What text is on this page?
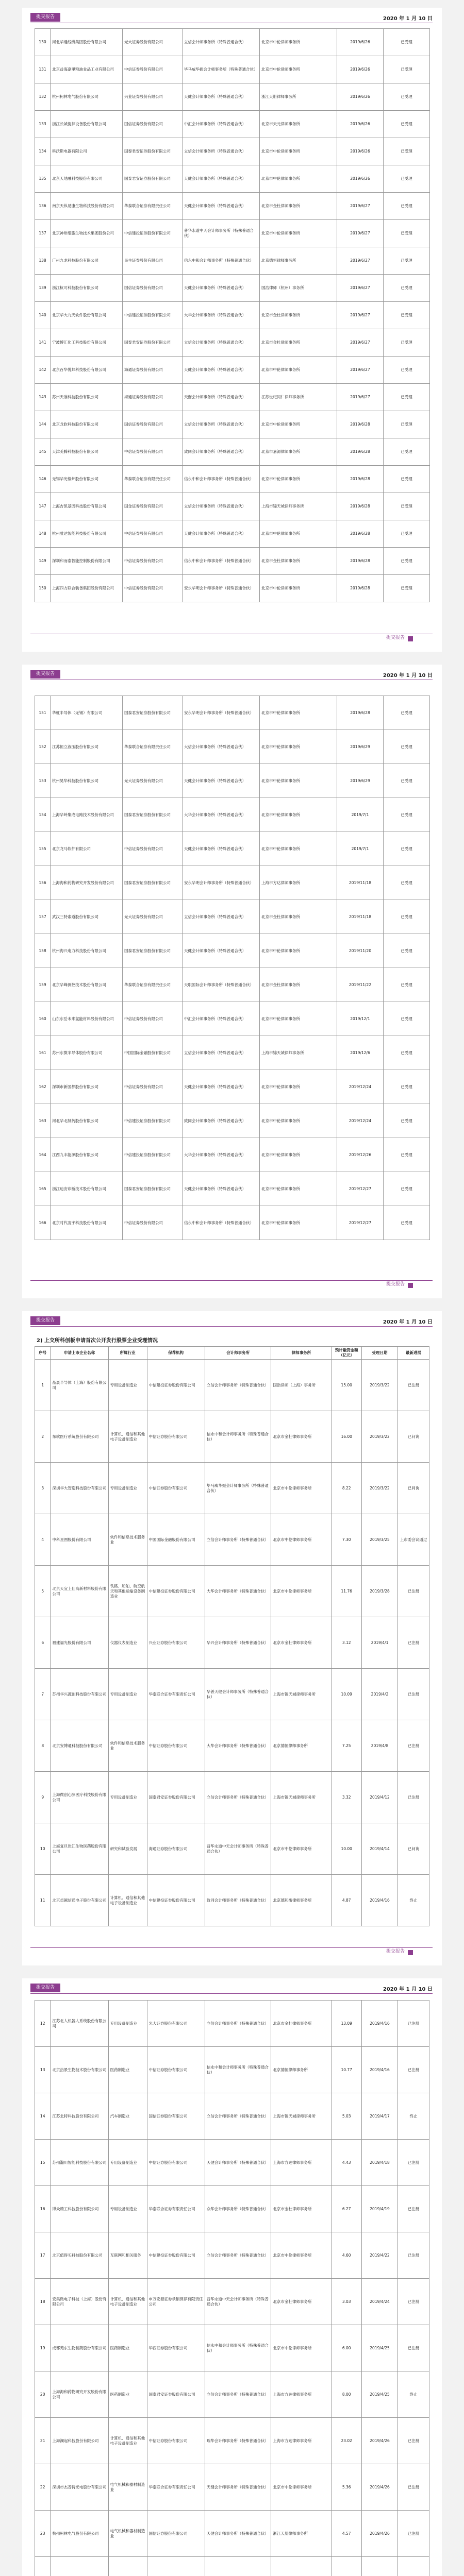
提交报告	2020 年 1 月 10 日
130	河北华通线缆集团股份有限公司	光大证券股份有限公司	立信会计师事务所（特殊普通合伙）	北京市中伦律师事务所	2019/6/26	已受理
131	北京益海嘉里粮油食品工业有限公司	中信证券股份有限公司	毕马威华振会计师事务所（特殊普通合伙）	北京市中伦律师事务所	2019/6/26	已受理
132	杭州柯林电气股份有限公司	兴业证券股份有限公司	天健会计师事务所（特殊普通合伙）	浙江天册律师事务所	2019/6/26	已受理
133	浙江长城搅拌设备股份有限公司	国信证券股份有限公司	中汇会计师事务所（特殊普通合伙）	北京市天元律师事务所	2019/6/26	已受理
134	科沃斯电器有限公司	国泰君安证券股份有限公司	立信会计师事务所（特殊普通合伙）	北京市中伦律师事务所	2019/6/26	已受理
135	北京天地融科技股份有限公司	国泰君安证券股份有限公司	天健会计师事务所（特殊普通合伙）	北京市中伦律师事务所	2019/6/26	已受理
136	南京天纵易康生物科技股份有限公司	华泰联合证券有限责任公司	天健会计师事务所（特殊普通合伙）	北京市金杜律师事务所	2019/6/27	已受理
137	北京神州细胞生物技术集团股份公司	中信建投证券股份有限公司	普华永道中天会计师事务所（特殊普通合伙）	北京市中伦律师事务所	2019/6/27	已受理
138	广州九龙科技股份有限公司	民生证券股份有限公司	信永中和会计师事务所（特殊普通合伙）	北京德恒律师事务所	2019/6/27	已受理
139	浙江杭可科技股份有限公司	国信证券股份有限公司	天健会计师事务所（特殊普通合伙）	国浩律师（杭州）事务所	2019/6/27	已受理
140	北京华大九天软件股份有限公司	中信建投证券股份有限公司	大华会计师事务所（特殊普通合伙）	北京市金杜律师事务所	2019/6/27	已受理
141	宁波博汇化工科技股份有限公司	国泰君安证券股份有限公司	立信会计师事务所（特殊普通合伙）	北京市金杜律师事务所	2019/6/27	已受理
142	北京百华悦邦科技股份有限公司	海通证券股份有限公司	天健会计师事务所（特殊普通合伙）	北京市中伦律师事务所	2019/6/27	已受理
143	苏州天准科技股份有限公司	海通证券股份有限公司	天衡会计师事务所（特殊普通合伙）	江苏世纪同仁律师事务所	2019/6/27	已受理
144	北京龙软科技股份有限公司	国信证券股份有限公司	立信会计师事务所（特殊普通合伙）	北京市中伦律师事务所	2019/6/28	已受理
145	天津美腾科技股份有限公司	中信证券股份有限公司	致同会计师事务所（特殊普通合伙）	北京市嘉源律师事务所	2019/6/28	已受理
146	无锡华光锅炉股份有限公司	华泰联合证券有限责任公司	信永中和会计师事务所（特殊普通合伙）	北京市中伦律师事务所	2019/6/28	已受理
147	上海吉凯基因科技股份有限公司	国金证券股份有限公司	立信会计师事务所（特殊普通合伙）	上海市锦天城律师事务所	2019/6/28	已受理
148	杭州雅达智能科技股份有限公司	中信证券股份有限公司	天健会计师事务所（特殊普通合伙）	北京市中伦律师事务所	2019/6/28	已受理
149	深圳和而泰智能控制股份有限公司	中信证券股份有限公司	信永中和会计师事务所（特殊普通合伙）	北京市金杜律师事务所	2019/6/28	已受理
150	上海四方联合装备集团股份有限公司	中信证券股份有限公司	安永华明会计师事务所（特殊普通合伙）	北京市中伦律师事务所	2019/6/28	已受理
提交报告
提交报告	2020 年 1 月 10 日
151	华虹半导体（无锡）有限公司	国泰君安证券股份有限公司	安永华明会计师事务所（特殊普通合伙）	北京市中伦律师事务所	2019/6/28	已受理
152	江苏恒立液压股份有限公司	华泰联合证券有限责任公司	大信会计师事务所（特殊普通合伙）	北京市中伦律师事务所	2019/6/29	已受理
153	杭州昊华科技股份有限公司	光大证券股份有限公司	天健会计师事务所（特殊普通合伙）	北京市中伦律师事务所	2019/6/29	已受理
154	上海华岭集成电路技术股份有限公司	国泰君安证券股份有限公司	大华会计师事务所（特殊普通合伙）	北京市中伦律师事务所	2019/7/1	已受理
155	北京龙马软件有限公司	中信证券股份有限公司	天健会计师事务所（特殊普通合伙）	北京市中伦律师事务所	2019/7/1	已受理
156	上海海和药物研究开发股份有限公司	国泰君安证券股份有限公司	安永华明会计师事务所（特殊普通合伙）	上海市方达律师事务所	2019/11/18	已受理
157	武汉三特索道股份有限公司	光大证券股份有限公司	立信会计师事务所（特殊普通合伙）	北京市金杜律师事务所	2019/11/18	已受理
158	杭州海兴电力科技股份有限公司	国泰君安证券股份有限公司	天健会计师事务所（特殊普通合伙）	北京市中伦律师事务所	2019/11/20	已受理
159	北京华峰测控技术股份有限公司	华泰联合证券有限责任公司	天职国际会计师事务所（特殊普通合伙）	北京市金杜律师事务所	2019/11/22	已受理
160	山东东岳未来氢能材料股份有限公司	中信证券股份有限公司	中汇会计师事务所（特殊普通合伙）	北京市中伦律师事务所	2019/12/1	已受理
161	苏州东微半导体股份有限公司	中国国际金融股份有限公司	立信会计师事务所（特殊普通合伙）	上海市锦天城律师事务所	2019/12/6	已受理
162	深圳市新国都股份有限公司	中信证券股份有限公司	天健会计师事务所（特殊普通合伙）	北京市中伦律师事务所	2019/12/24	已受理
163	河北华北制药股份有限公司	中信建投证券股份有限公司	致同会计师事务所（特殊普通合伙）	北京市中伦律师事务所	2019/12/24	已受理
164	江西九丰能源股份有限公司	中信建投证券股份有限公司	大华会计师事务所（特殊普通合伙）	北京市中伦律师事务所	2019/12/26	已受理
165	浙江迪安诊断技术股份有限公司	国泰君安证券股份有限公司	天健会计师事务所（特殊普通合伙）	北京市中伦律师事务所	2019/12/27	已受理
166	北京时代凌宇科技股份有限公司	中信证券股份有限公司	信永中和会计师事务所（特殊普通合伙）	北京市中伦律师事务所	2019/12/27	已受理
提交报告
提交报告	2020 年 1 月 10 日
2) 上交所科创板申请首次公开发行股票企业受理情况
序号	申请上市企业名称	所属行业	保荐机构	会计师事务所	律师事务所	预计融资金额（亿元）	受理日期	最新进展
1	晶晨半导体（上海）股份有限公司	专用设备制造业	中信建投证券股份有限公司	立信会计师事务所（特殊普通合伙）	国浩律师（上海）事务所	15.00	2019/3/22	已注册
2	东软医疗系统股份有限公司	计算机、通信和其他电子设备制造业	中信证券股份有限公司	信永中和会计师事务所（特殊普通合伙）	北京市金杜律师事务所	16.00	2019/3/22	已问询
3	深圳华大智造科技股份有限公司	专用设备制造业	中信证券股份有限公司	毕马威华振会计师事务所（特殊普通合伙）	北京市中伦律师事务所	8.22	2019/3/22	已问询
4	中科星图股份有限公司	软件和信息技术服务业	中国国际金融股份有限公司	立信会计师事务所（特殊普通合伙）	北京市中伦律师事务所	7.30	2019/3/25	上市委会议通过
5	北京天宜上佳高新材料股份有限公司	铁路、船舶、航空航天和其他运输设备制造业	中信建投证券股份有限公司	大华会计师事务所（特殊普通合伙）	北京市中伦律师事务所	11.76	2019/3/28	已注册
6	福建福光股份有限公司	仪器仪表制造业	兴业证券股份有限公司	华兴会计师事务所（特殊普通合伙）	北京市金杜律师事务所	3.12	2019/4/1	已注册
7	苏州华兴源创科技股份有限公司	专用设备制造业	华泰联合证券有限责任公司	华普天健会计师事务所（特殊普通合伙）	上海市锦天城律师事务所	10.09	2019/4/2	已注册
8	北京安博通科技股份有限公司	软件和信息技术服务业	中信证券股份有限公司	大华会计师事务所（特殊普通合伙）	北京德恒律师事务所	7.25	2019/4/8	已注册
9	上海微创心脉医疗科技股份有限公司	专用设备制造业	国泰君安证券股份有限公司	立信会计师事务所（特殊普通合伙）	上海市锦天城律师事务所	3.32	2019/4/12	已注册
10	上海复旦张江生物医药股份有限公司	研究和试验发展	海通证券股份有限公司	普华永道中天会计师事务所（特殊普通合伙）	北京市中伦律师事务所	10.00	2019/4/14	已问询
11	北京卓越信通电子股份有限公司	计算机、通信和其他电子设备制造业	中信建投证券股份有限公司	致同会计师事务所（特殊普通合伙）	北京德和衡律师事务所	4.87	2019/4/16	终止
提交报告
提交报告	2020 年 1 月 10 日
12	江苏北人机器人系统股份有限公司	专用设备制造业	光大证券股份有限公司	立信会计师事务所（特殊普通合伙）	北京市金杜律师事务所	13.09	2019/4/16	已注册
13	北京热景生物技术股份有限公司	医药制造业	中信证券股份有限公司	信永中和会计师事务所（特殊普通合伙）	北京德恒律师事务所	10.77	2019/4/16	已注册
14	江苏北特科技股份有限公司	汽车制造业	国信证券股份有限公司	立信会计师事务所（特殊普通合伙）	上海市锦天城律师事务所	5.03	2019/4/17	终止
15	苏州瀚川智能科技股份有限公司	专用设备制造业	中信证券股份有限公司	天健会计师事务所（特殊普通合伙）	上海市方达律师事务所	4.43	2019/4/18	已注册
16	博众精工科技股份有限公司	专用设备制造业	华泰联合证券有限责任公司	众华会计师事务所（特殊普通合伙）	北京市金杜律师事务所	6.27	2019/4/19	已注册
17	北京值得买科技股份有限公司	互联网和相关服务	中信建投证券股份有限公司	立信会计师事务所（特殊普通合伙）	北京市中伦律师事务所	4.60	2019/4/22	已注册
18	安集微电子科技（上海）股份有限公司	计算机、通信和其他电子设备制造业	申万宏源证券承销保荐有限责任公司	普华永道中天会计师事务所（特殊普通合伙）	北京市金杜律师事务所	3.03	2019/4/24	已注册
19	成都苑东生物制药股份有限公司	医药制造业	华西证券股份有限公司	信永中和会计师事务所（特殊普通合伙）	北京市中伦律师事务所	6.00	2019/4/25	已注册
20	上海海和药物研究开发股份有限公司	医药制造业	国泰君安证券股份有限公司	立信会计师事务所（特殊普通合伙）	上海市方达律师事务所	8.00	2019/4/25	终止
21	上海澜起科技股份有限公司	计算机、通信和其他电子设备制造业	中信证券股份有限公司	瑞华会计师事务所（特殊普通合伙）	上海市方达律师事务所	23.02	2019/4/26	已注册
22	深圳市杰普特光电股份有限公司	电气机械和器材制造业	华泰联合证券有限责任公司	天健会计师事务所（特殊普通合伙）	北京市中伦律师事务所	5.36	2019/4/26	已注册
23	杭州柯林电气股份有限公司	电气机械和器材制造业	国信证券股份有限公司	天健会计师事务所（特殊普通合伙）	浙江天册律师事务所	4.57	2019/4/26	已注册
